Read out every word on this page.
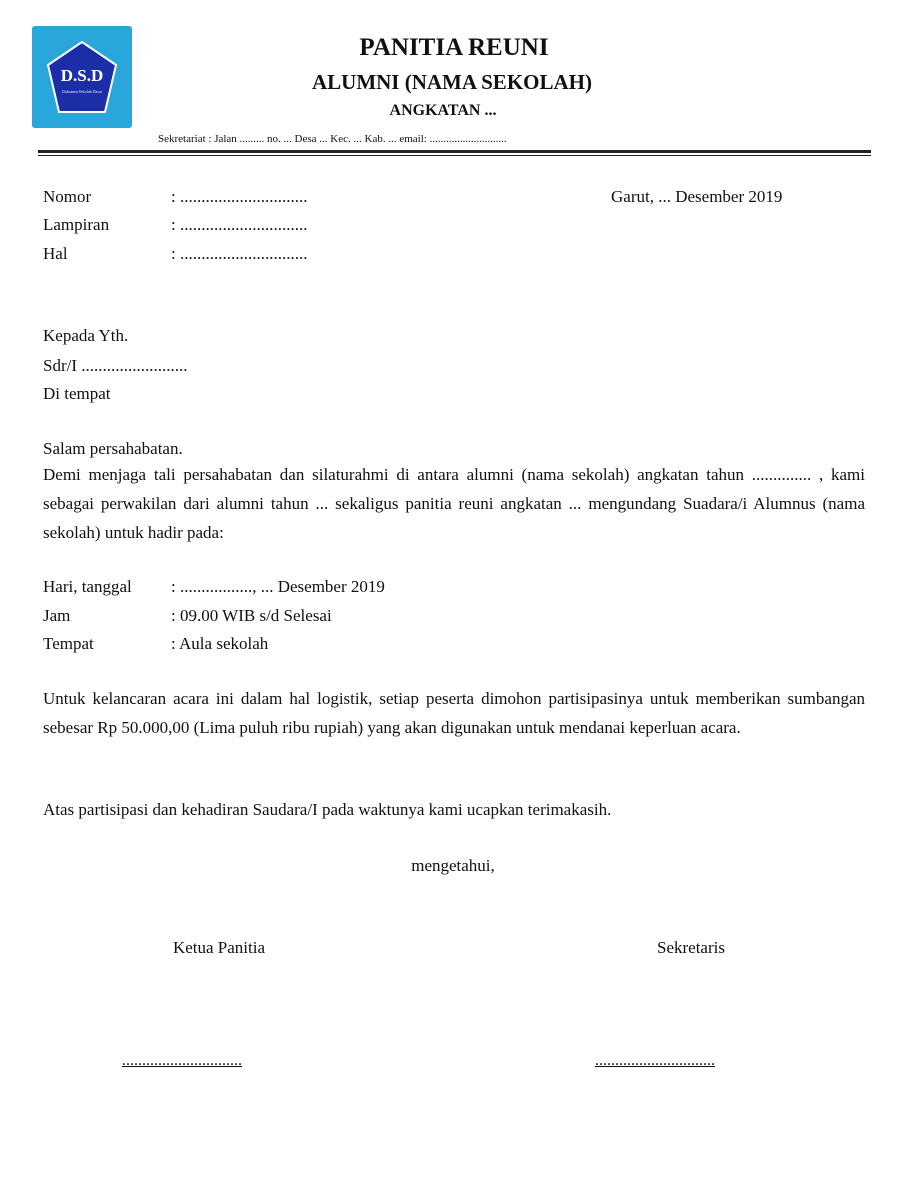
D.S.D
Dokumen Sekolah Dasar
PANITIA REUNI
ALUMNI (NAMA SEKOLAH)
ANGKATAN ...
Sekretariat : Jalan ......... no. ... Desa ... Kec. ... Kab. ... email: ............................
Nomor	: ..............................	Garut, ... Desember 2019
Lampiran	: ..............................
Hal	: ..............................
Kepada Yth.
Sdr/I .........................
Di tempat
Salam persahabatan.
Demi menjaga tali persahabatan dan silaturahmi di antara alumni (nama sekolah) angkatan tahun .............. , kami sebagai perwakilan dari alumni tahun ... sekaligus panitia reuni angkatan ... mengundang Suadara/i Alumnus (nama sekolah) untuk hadir pada:
Hari, tanggal : ................., ... Desember 2019
Jam	: 09.00 WIB s/d Selesai
Tempat	: Aula sekolah
Untuk kelancaran acara ini dalam hal logistik, setiap peserta dimohon partisipasinya untuk memberikan sumbangan sebesar Rp 50.000,00 (Lima puluh ribu rupiah) yang akan digunakan untuk mendanai keperluan acara.
Atas partisipasi dan kehadiran Saudara/I pada waktunya kami ucapkan terimakasih.
mengetahui,
Ketua Panitia	Sekretaris
..............................	..............................
